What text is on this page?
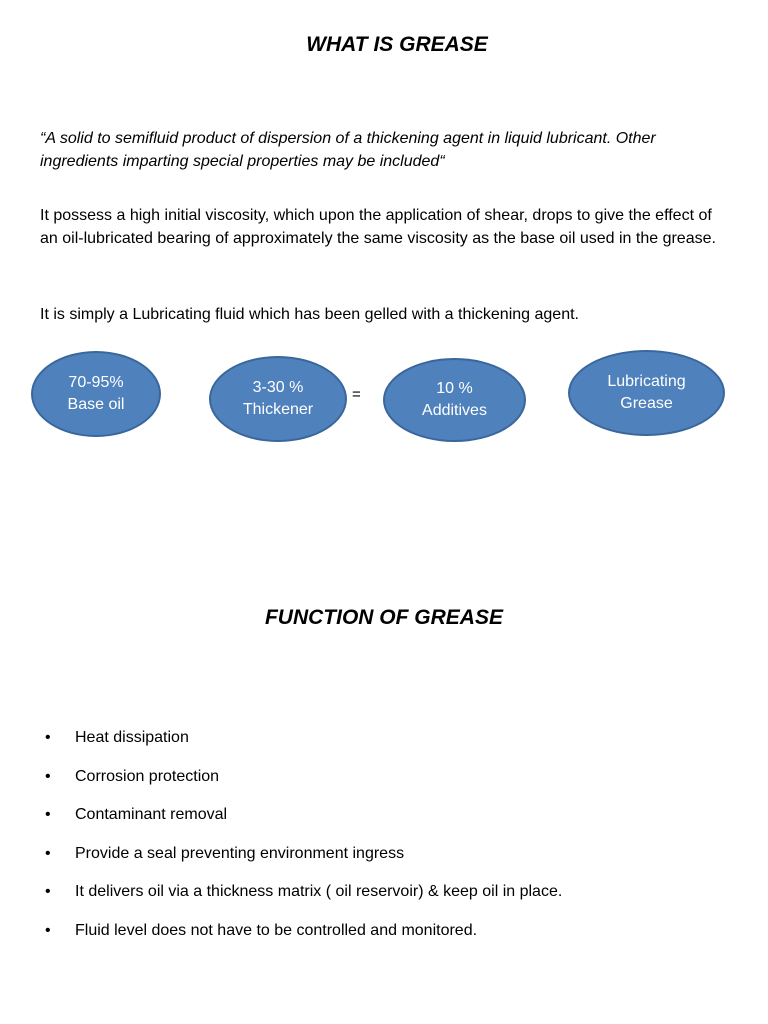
WHAT IS GREASE

“A solid to semifluid product of dispersion of a thickening agent in liquid lubricant. Other ingredients imparting special properties may be included“

It possess a high initial viscosity, which upon the application of shear, drops to give the effect of an oil-lubricated bearing of approximately the same viscosity as the base oil used in the grease.

It is simply a Lubricating fluid which has been gelled with a thickening agent.

70-95%
Base oil
3-30 %
Thickener
=	10 %
Additives
Lubricating
Grease
FUNCTION OF GREASE
• Heat dissipation
• Corrosion protection
• Contaminant removal
• Provide a seal preventing environment ingress
• It delivers oil via a thickness matrix ( oil reservoir) & keep oil in place.
• Fluid level does not have to be controlled and monitored.
